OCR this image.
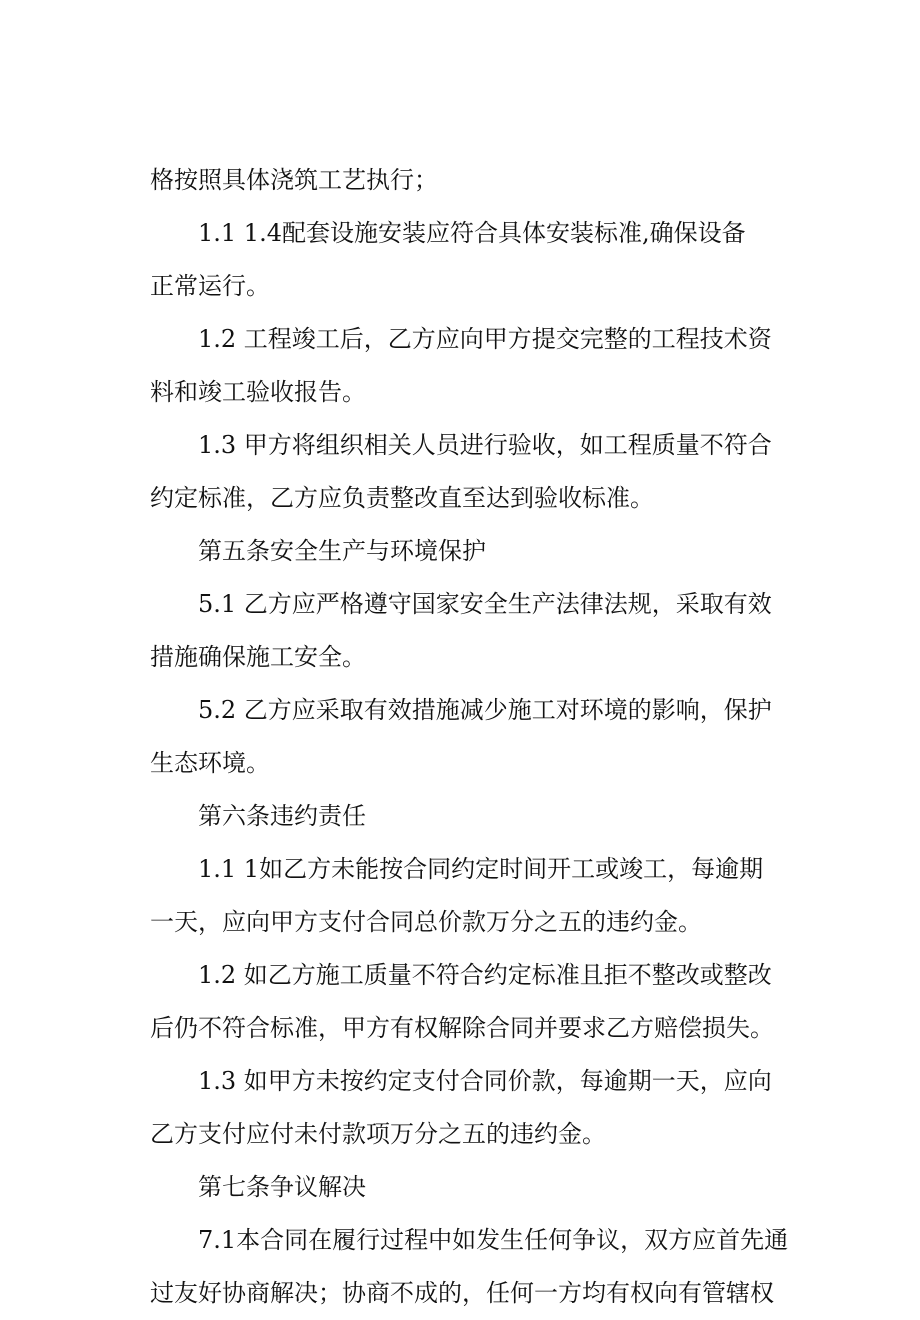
格按照具体浇筑工艺执行；
1.1 1.4配套设施安装应符合具体安装标准,确保设备
正常运行。
1.2 工程竣工后，乙方应向甲方提交完整的工程技术资
料和竣工验收报告。
1.3 甲方将组织相关人员进行验收，如工程质量不符合
约定标准，乙方应负责整改直至达到验收标准。
第五条安全生产与环境保护
5.1 乙方应严格遵守国家安全生产法律法规，采取有效
措施确保施工安全。
5.2 乙方应采取有效措施减少施工对环境的影响，保护
生态环境。
第六条违约责任
1.1 1如乙方未能按合同约定时间开工或竣工，每逾期
一天，应向甲方支付合同总价款万分之五的违约金。
1.2 如乙方施工质量不符合约定标准且拒不整改或整改
后仍不符合标准，甲方有权解除合同并要求乙方赔偿损失。
1.3 如甲方未按约定支付合同价款，每逾期一天，应向
乙方支付应付未付款项万分之五的违约金。
第七条争议解决
7.1本合同在履行过程中如发生任何争议，双方应首先通
过友好协商解决；协商不成的，任何一方均有权向有管辖权
